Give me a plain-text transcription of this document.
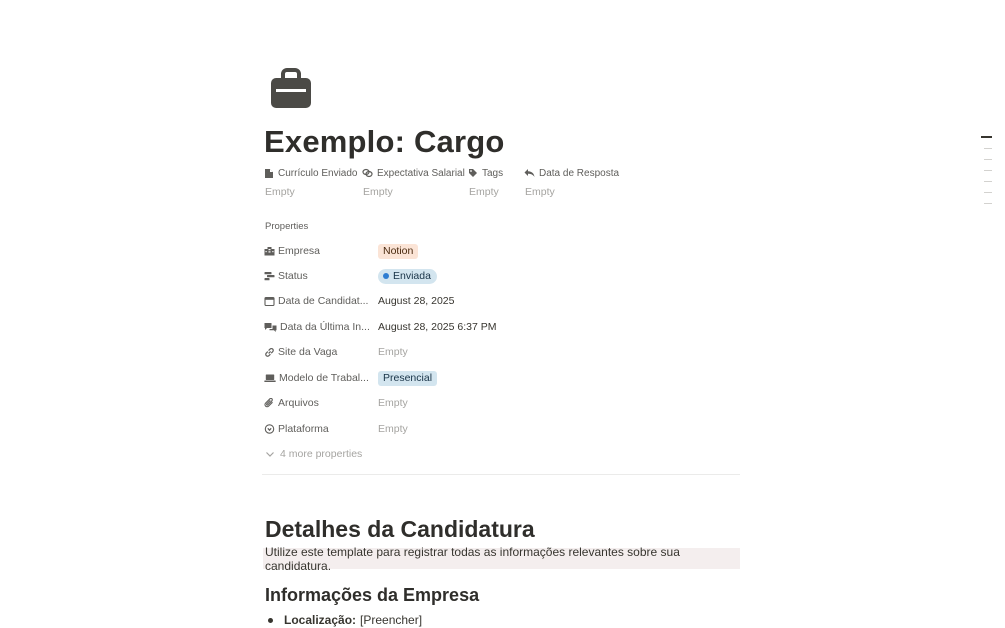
Exemplo: Cargo
Currículo Enviado
Empty
Expectativa Salarial
Empty
Tags
Empty
Data de Resposta
Empty
Properties
Empresa	Notion
Status	Enviada
Data de Candidat... August 28, 2025
Data da Última In... August 28, 2025 6:37 PM
Site da Vaga	Empty
Modelo de Trabal...	Presencial
Arquivos	Empty
Plataforma	Empty
4 more properties
Detalhes da Candidatura
Utilize este template para registrar todas as informações relevantes sobre sua candidatura.
Informações da Empresa
Localização: [Preencher]
